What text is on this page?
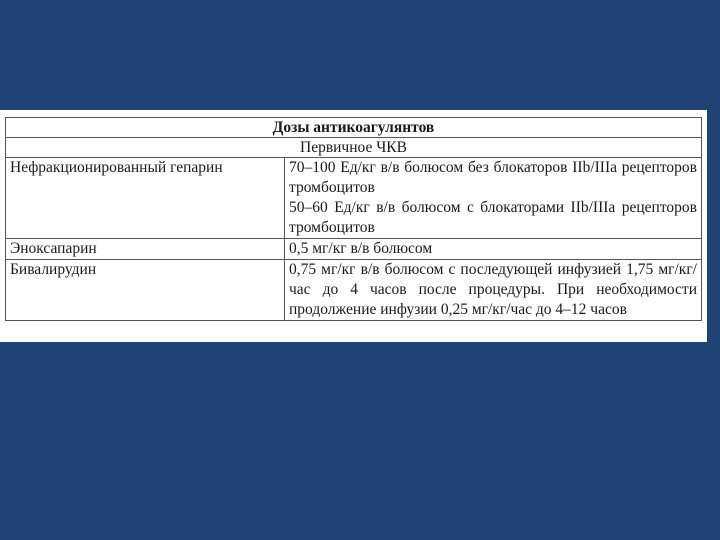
Дозы антикоагулянтов	
Первичное ЧКВ	
Нефракционированный гепарин	70–100 Ед/кг в/в болюсом без блокаторов IIb/IIIa рецепторов тромбоцитов
50–60 Ед/кг в/в болюсом с блокаторами IIb/IIIa рецепторов тромбоцитов

Эноксапарин	0,5 мг/кг в/в болюсом

Бивалирудин	0,75 мг/кг в/в болюсом с последующей инфузией 1,75 мг/кг/час до 4 часов после процедуры. При необходимости продолжение инфузии 0,25 мг/кг/час до 4–12 часов
